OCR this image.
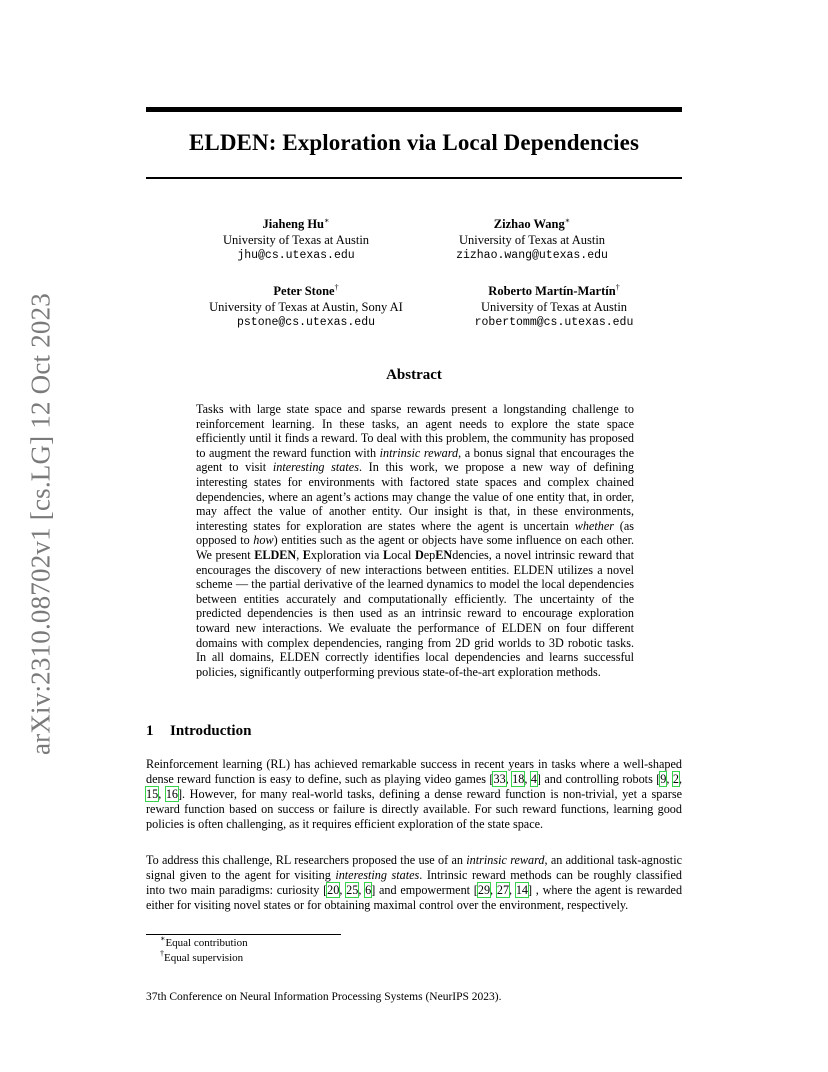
arXiv:2310.08702v1 [cs.LG] 12 Oct 2023
ELDEN: Exploration via Local Dependencies
Jiaheng Hu∗
University of Texas at Austin
jhu@cs.utexas.edu
Zizhao Wang∗
University of Texas at Austin
zizhao.wang@utexas.edu
Peter Stone†
University of Texas at Austin, Sony AI
pstone@cs.utexas.edu
Roberto Martín-Martín†
University of Texas at Austin
robertomm@cs.utexas.edu
Abstract
Tasks with large state space and sparse rewards present a longstanding challenge to reinforcement learning. In these tasks, an agent needs to explore the state space efficiently until it finds a reward. To deal with this problem, the community has proposed to augment the reward function with intrinsic reward, a bonus signal that encourages the agent to visit interesting states. In this work, we propose a new way of defining interesting states for environments with factored state spaces and complex chained dependencies, where an agent’s actions may change the value of one entity that, in order, may affect the value of another entity. Our insight is that, in these environments, interesting states for exploration are states where the agent is uncertain whether (as opposed to how) entities such as the agent or objects have some influence on each other. We present ELDEN, Exploration via Local DepENdencies, a novel intrinsic reward that encourages the discovery of new interactions between entities. ELDEN utilizes a novel scheme — the partial derivative of the learned dynamics to model the local dependencies between entities accurately and computationally efficiently. The uncertainty of the predicted dependencies is then used as an intrinsic reward to encourage exploration toward new interactions. We evaluate the performance of ELDEN on four different domains with complex dependencies, ranging from 2D grid worlds to 3D robotic tasks. In all domains, ELDEN correctly identifies local dependencies and learns successful policies, significantly outperforming previous state-of-the-art exploration methods.
1 Introduction
Reinforcement learning (RL) has achieved remarkable success in recent years in tasks where a well-shaped dense reward function is easy to define, such as playing video games [33, 18, 4] and controlling robots [9, 2, 15, 16]. However, for many real-world tasks, defining a dense reward function is non-trivial, yet a sparse reward function based on success or failure is directly available. For such reward functions, learning good policies is often challenging, as it requires efficient exploration of the state space.
To address this challenge, RL researchers proposed the use of an intrinsic reward, an additional task-agnostic signal given to the agent for visiting interesting states. Intrinsic reward methods can be roughly classified into two main paradigms: curiosity [20, 25, 6] and empowerment [29, 27, 14] , where the agent is rewarded either for visiting novel states or for obtaining maximal control over the environment, respectively.
∗Equal contribution
†Equal supervision
37th Conference on Neural Information Processing Systems (NeurIPS 2023).
